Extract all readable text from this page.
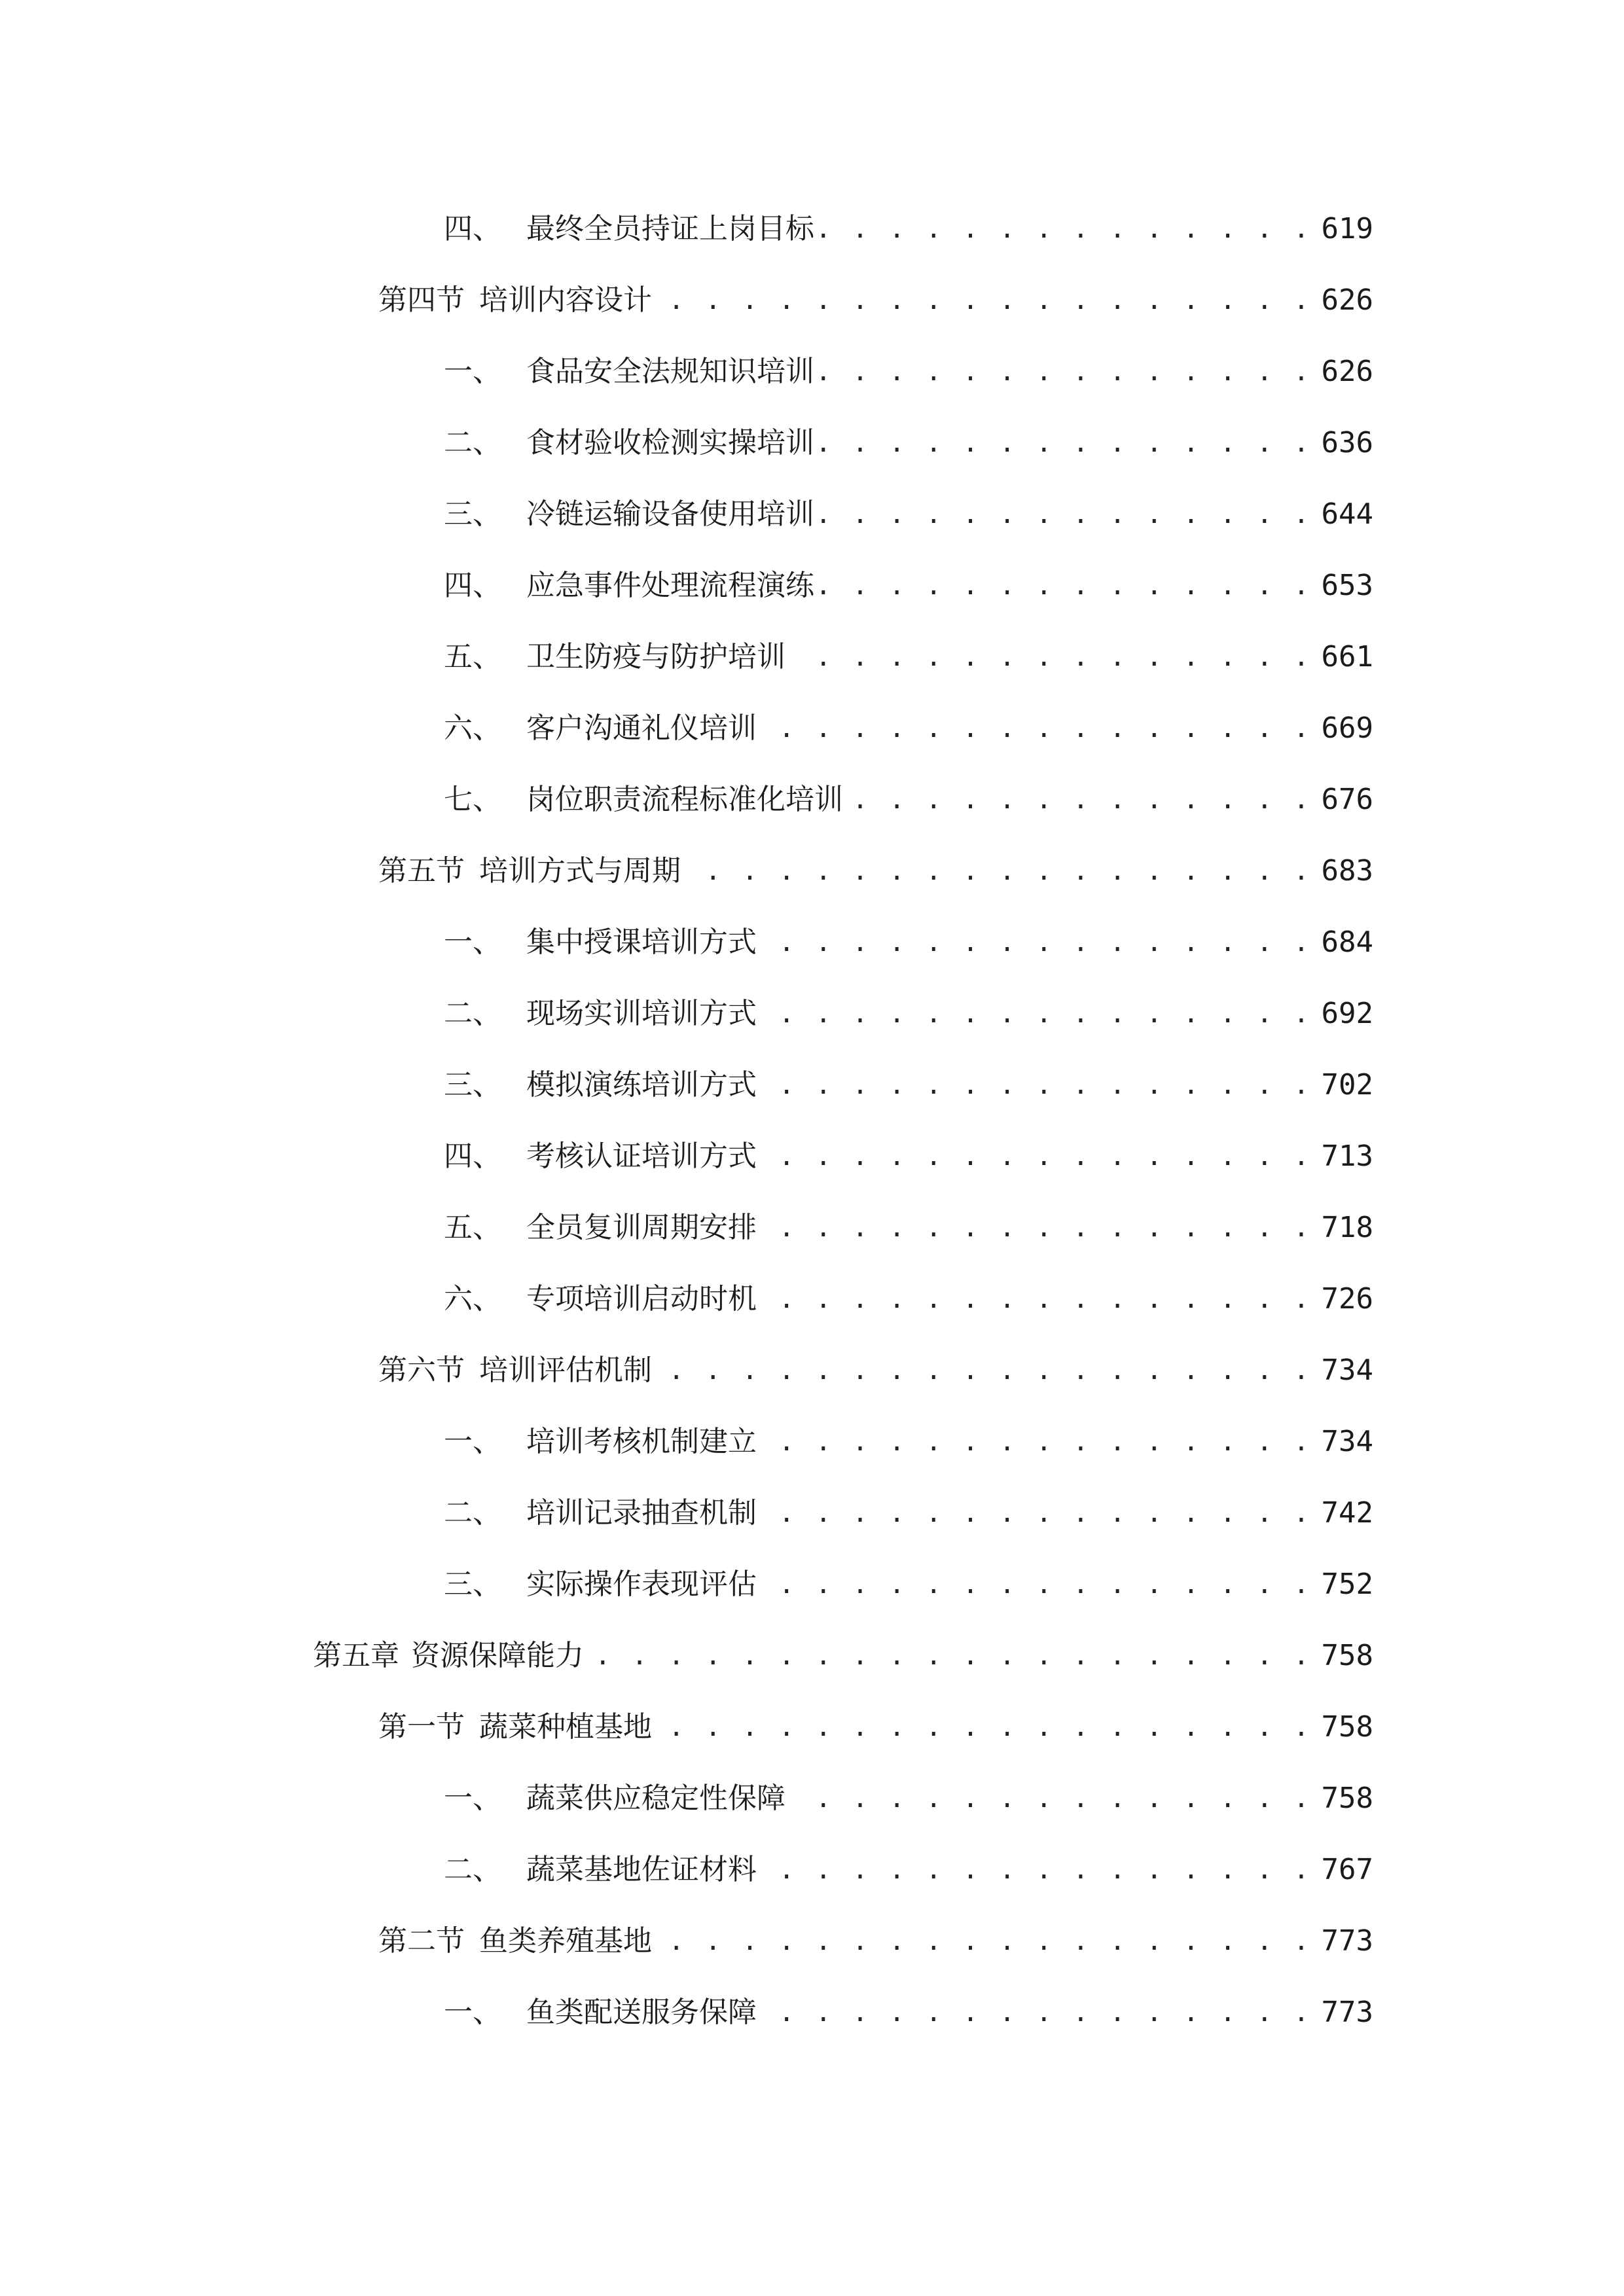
四、 最终全员持证上岗目标 . . .	619
第四节 培训内容设计 . . .	626
一、 食品安全法规知识培训 . . .	626
二、 食材验收检测实操培训 . . .	636
三、 冷链运输设备使用培训 . . .	644
四、 应急事件处理流程演练 . . .	653
五、 卫生防疫与防护培训 . . .	661
六、 客户沟通礼仪培训 . . .	669
七、 岗位职责流程标准化培训 . . .	676
第五节 培训方式与周期 . . .	683
一、 集中授课培训方式 . . .	684
二、 现场实训培训方式 . . .	692
三、 模拟演练培训方式 . . .	702
四、 考核认证培训方式 . . .	713
五、 全员复训周期安排 . . .	718
六、 专项培训启动时机 . . .	726
第六节 培训评估机制 . . .	734
一、 培训考核机制建立 . . .	734
二、 培训记录抽查机制 . . .	742
三、 实际操作表现评估 . . .	752
第五章 资源保障能力 . . .	758
第一节 蔬菜种植基地 . . .	758
一、 蔬菜供应稳定性保障 . . .	758
二、 蔬菜基地佐证材料 . . .	767
第二节 鱼类养殖基地 . . .	773
一、 鱼类配送服务保障 . . .	773
